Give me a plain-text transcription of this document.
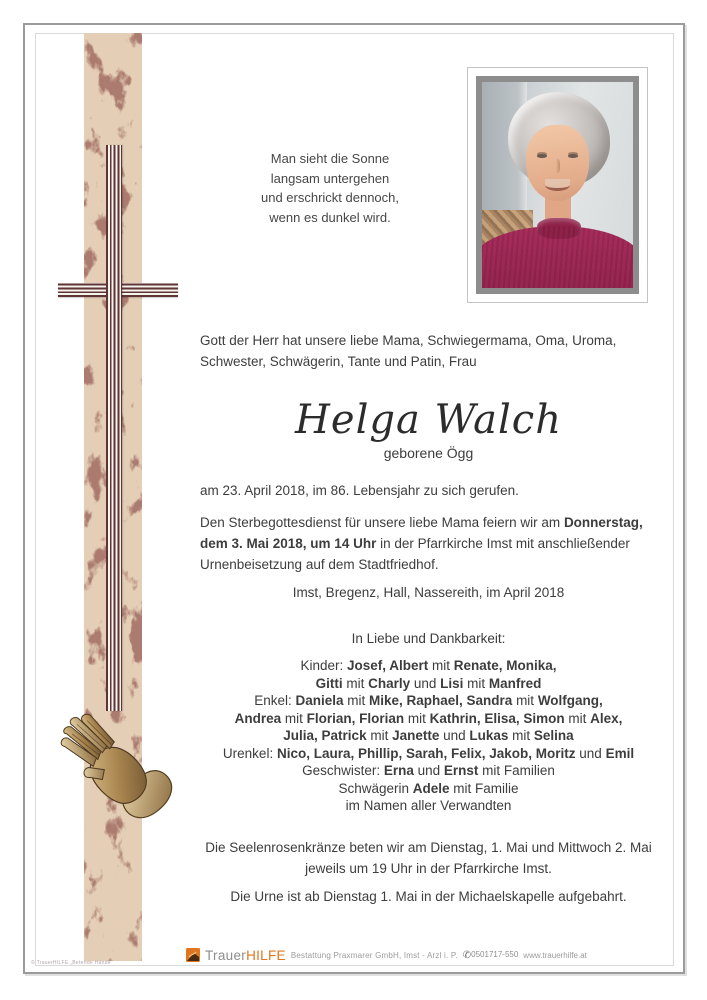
Man sieht die Sonne
langsam untergehen
und erschrickt dennoch,
wenn es dunkel wird.
Gott der Herr hat unsere liebe Mama, Schwiegermama, Oma, Uroma,
Schwester, Schwägerin, Tante und Patin, Frau
Helga Walch
geborene Ögg
am 23. April 2018, im 86. Lebensjahr zu sich gerufen.
Den Sterbegottesdienst für unsere liebe Mama feiern wir am Donnerstag,
dem 3. Mai 2018, um 14 Uhr in der Pfarrkirche Imst mit anschließender
Urnenbeisetzung auf dem Stadtfriedhof.
Imst, Bregenz, Hall, Nassereith, im April 2018
In Liebe und Dankbarkeit:
Kinder: Josef, Albert mit Renate, Monika,
Gitti mit Charly und Lisi mit Manfred
Enkel: Daniela mit Mike, Raphael, Sandra mit Wolfgang,
Andrea mit Florian, Florian mit Kathrin, Elisa, Simon mit Alex,
Julia, Patrick mit Janette und Lukas mit Selina
Urenkel: Nico, Laura, Phillip, Sarah, Felix, Jakob, Moritz und Emil
Geschwister: Erna und Ernst mit Familien
Schwägerin Adele mit Familie
im Namen aller Verwandten
Die Seelenrosenkränze beten wir am Dienstag, 1. Mai und Mittwoch 2. Mai
jeweils um 19 Uhr in der Pfarrkirche Imst.
Die Urne ist ab Dienstag 1. Mai in der Michaelskapelle aufgebahrt.
TrauerHILFE Bestattung Praxmarer GmbH, Imst - Arzl i. P. ✆0501717-550 www.trauerhilfe.at
© TrauerHILFE „Betende Hände“
